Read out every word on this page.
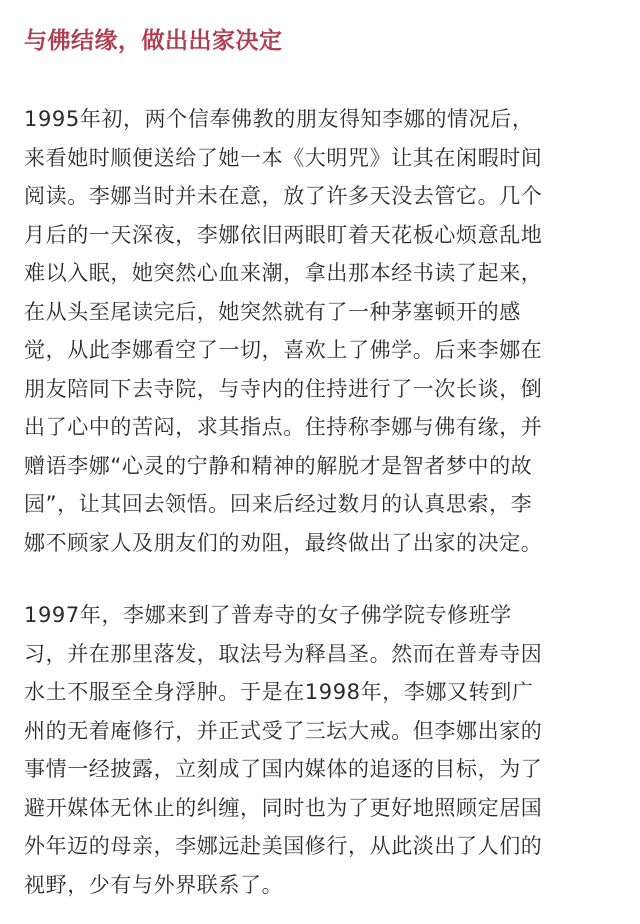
与佛结缘，做出出家决定
1995年初，两个信奉佛教的朋友得知李娜的情况后，
来看她时顺便送给了她一本《大明咒》让其在闲暇时间
阅读。李娜当时并未在意，放了许多天没去管它。几个
月后的一天深夜，李娜依旧两眼盯着天花板心烦意乱地
难以入眠，她突然心血来潮，拿出那本经书读了起来，
在从头至尾读完后，她突然就有了一种茅塞顿开的感
觉，从此李娜看空了一切，喜欢上了佛学。后来李娜在
朋友陪同下去寺院，与寺内的住持进行了一次长谈，倒
出了心中的苦闷，求其指点。住持称李娜与佛有缘，并
赠语李娜“心灵的宁静和精神的解脱才是智者梦中的故
园”，让其回去领悟。回来后经过数月的认真思索，李
娜不顾家人及朋友们的劝阻，最终做出了出家的决定。
1997年，李娜来到了普寿寺的女子佛学院专修班学
习，并在那里落发，取法号为释昌圣。然而在普寿寺因
水土不服至全身浮肿。于是在1998年，李娜又转到广
州的无着庵修行，并正式受了三坛大戒。但李娜出家的
事情一经披露，立刻成了国内媒体的追逐的目标，为了
避开媒体无休止的纠缠，同时也为了更好地照顾定居国
外年迈的母亲，李娜远赴美国修行，从此淡出了人们的
视野，少有与外界联系了。
